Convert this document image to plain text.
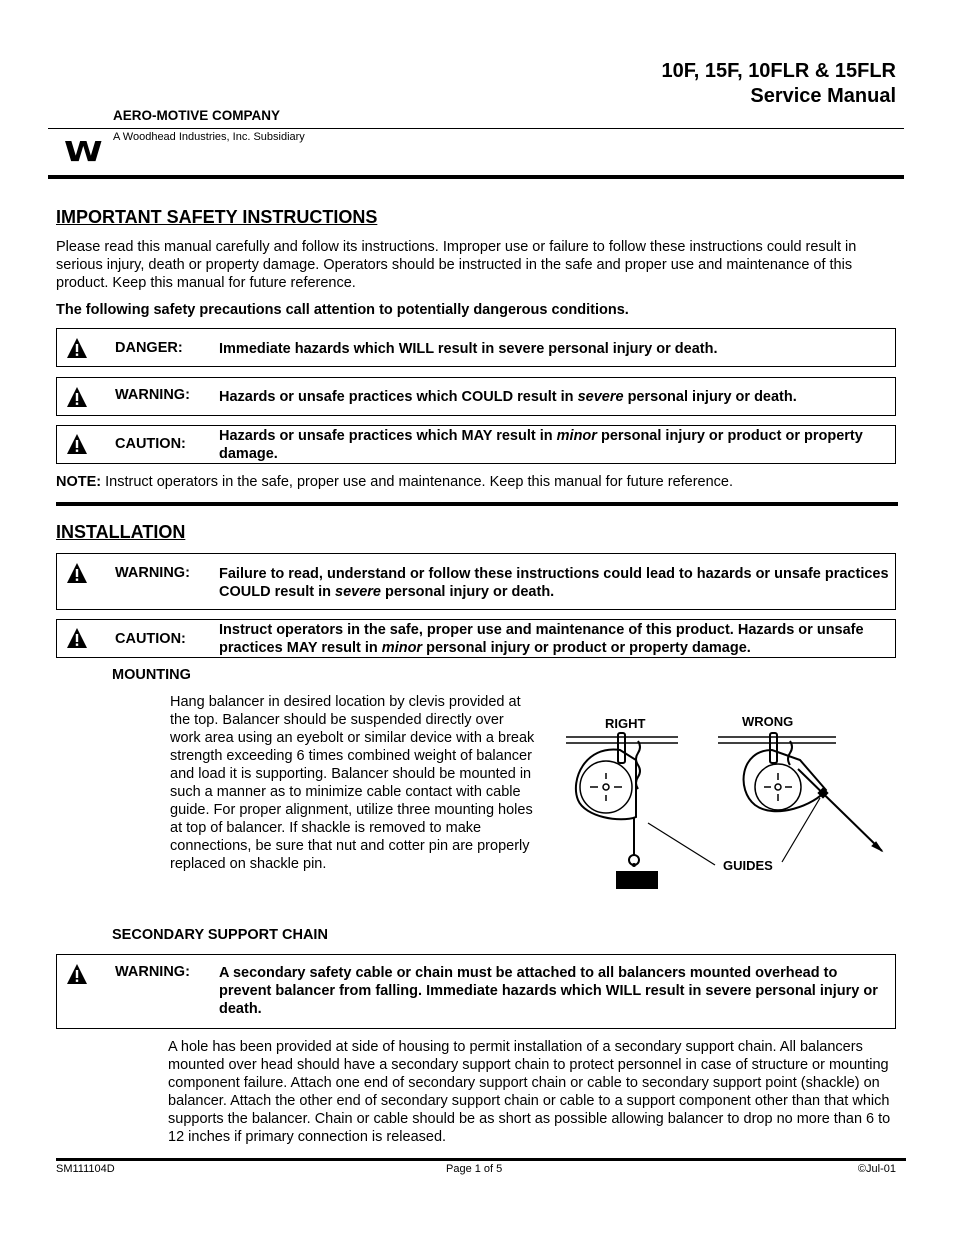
10F, 15F, 10FLR & 15FLR
Service Manual
AERO-MOTIVE COMPANY
A Woodhead Industries, Inc. Subsidiary
W
IMPORTANT SAFETY INSTRUCTIONS
Please read this manual carefully and follow its instructions. Improper use or failure to follow these instructions could result in serious injury, death or property damage. Operators should be instructed in the safe and proper use and maintenance of this product. Keep this manual for future reference.
The following safety precautions call attention to potentially dangerous conditions.
DANGER:	Immediate hazards which WILL result in severe personal injury or death.
WARNING: Hazards or unsafe practices which COULD result in severe personal injury or death.
CAUTION: Hazards or unsafe practices which MAY result in minor personal injury or product or property damage.
NOTE: Instruct operators in the safe, proper use and maintenance. Keep this manual for future reference.
INSTALLATION
WARNING: Failure to read, understand or follow these instructions could lead to hazards or unsafe practices COULD result in severe personal injury or death.
CAUTION:
Instruct operators in the safe, proper use and maintenance of this product. Hazards or unsafe practices MAY result in minor personal injury or product or property damage.
MOUNTING
Hang balancer in desired location by clevis provided at the top. Balancer should be suspended directly over work area using an eyebolt or similar device with a break strength exceeding 6 times combined weight of balancer and load it is supporting. Balancer should be mounted in such a manner as to minimize cable contact with cable guide. For proper alignment, utilize three mounting holes at top of balancer. If shackle is removed to make connections, be sure that nut and cotter pin are properly replaced on shackle pin.
RIGHT	WRONG
GUIDES
SECONDARY SUPPORT CHAIN
WARNING: A secondary safety cable or chain must be attached to all balancers mounted overhead to prevent balancer from falling. Immediate hazards which WILL result in severe personal injury or death.
A hole has been provided at side of housing to permit installation of a secondary support chain. All balancers mounted over head should have a secondary support chain to protect personnel in case of structure or mounting component failure. Attach one end of secondary support chain or cable to secondary support point (shackle) on balancer. Attach the other end of secondary support chain or cable to a support component other than that which supports the balancer. Chain or cable should be as short as possible allowing balancer to drop no more than 6 to 12 inches if primary connection is released.
SM111104D	Page 1 of 5	©Jul-01
